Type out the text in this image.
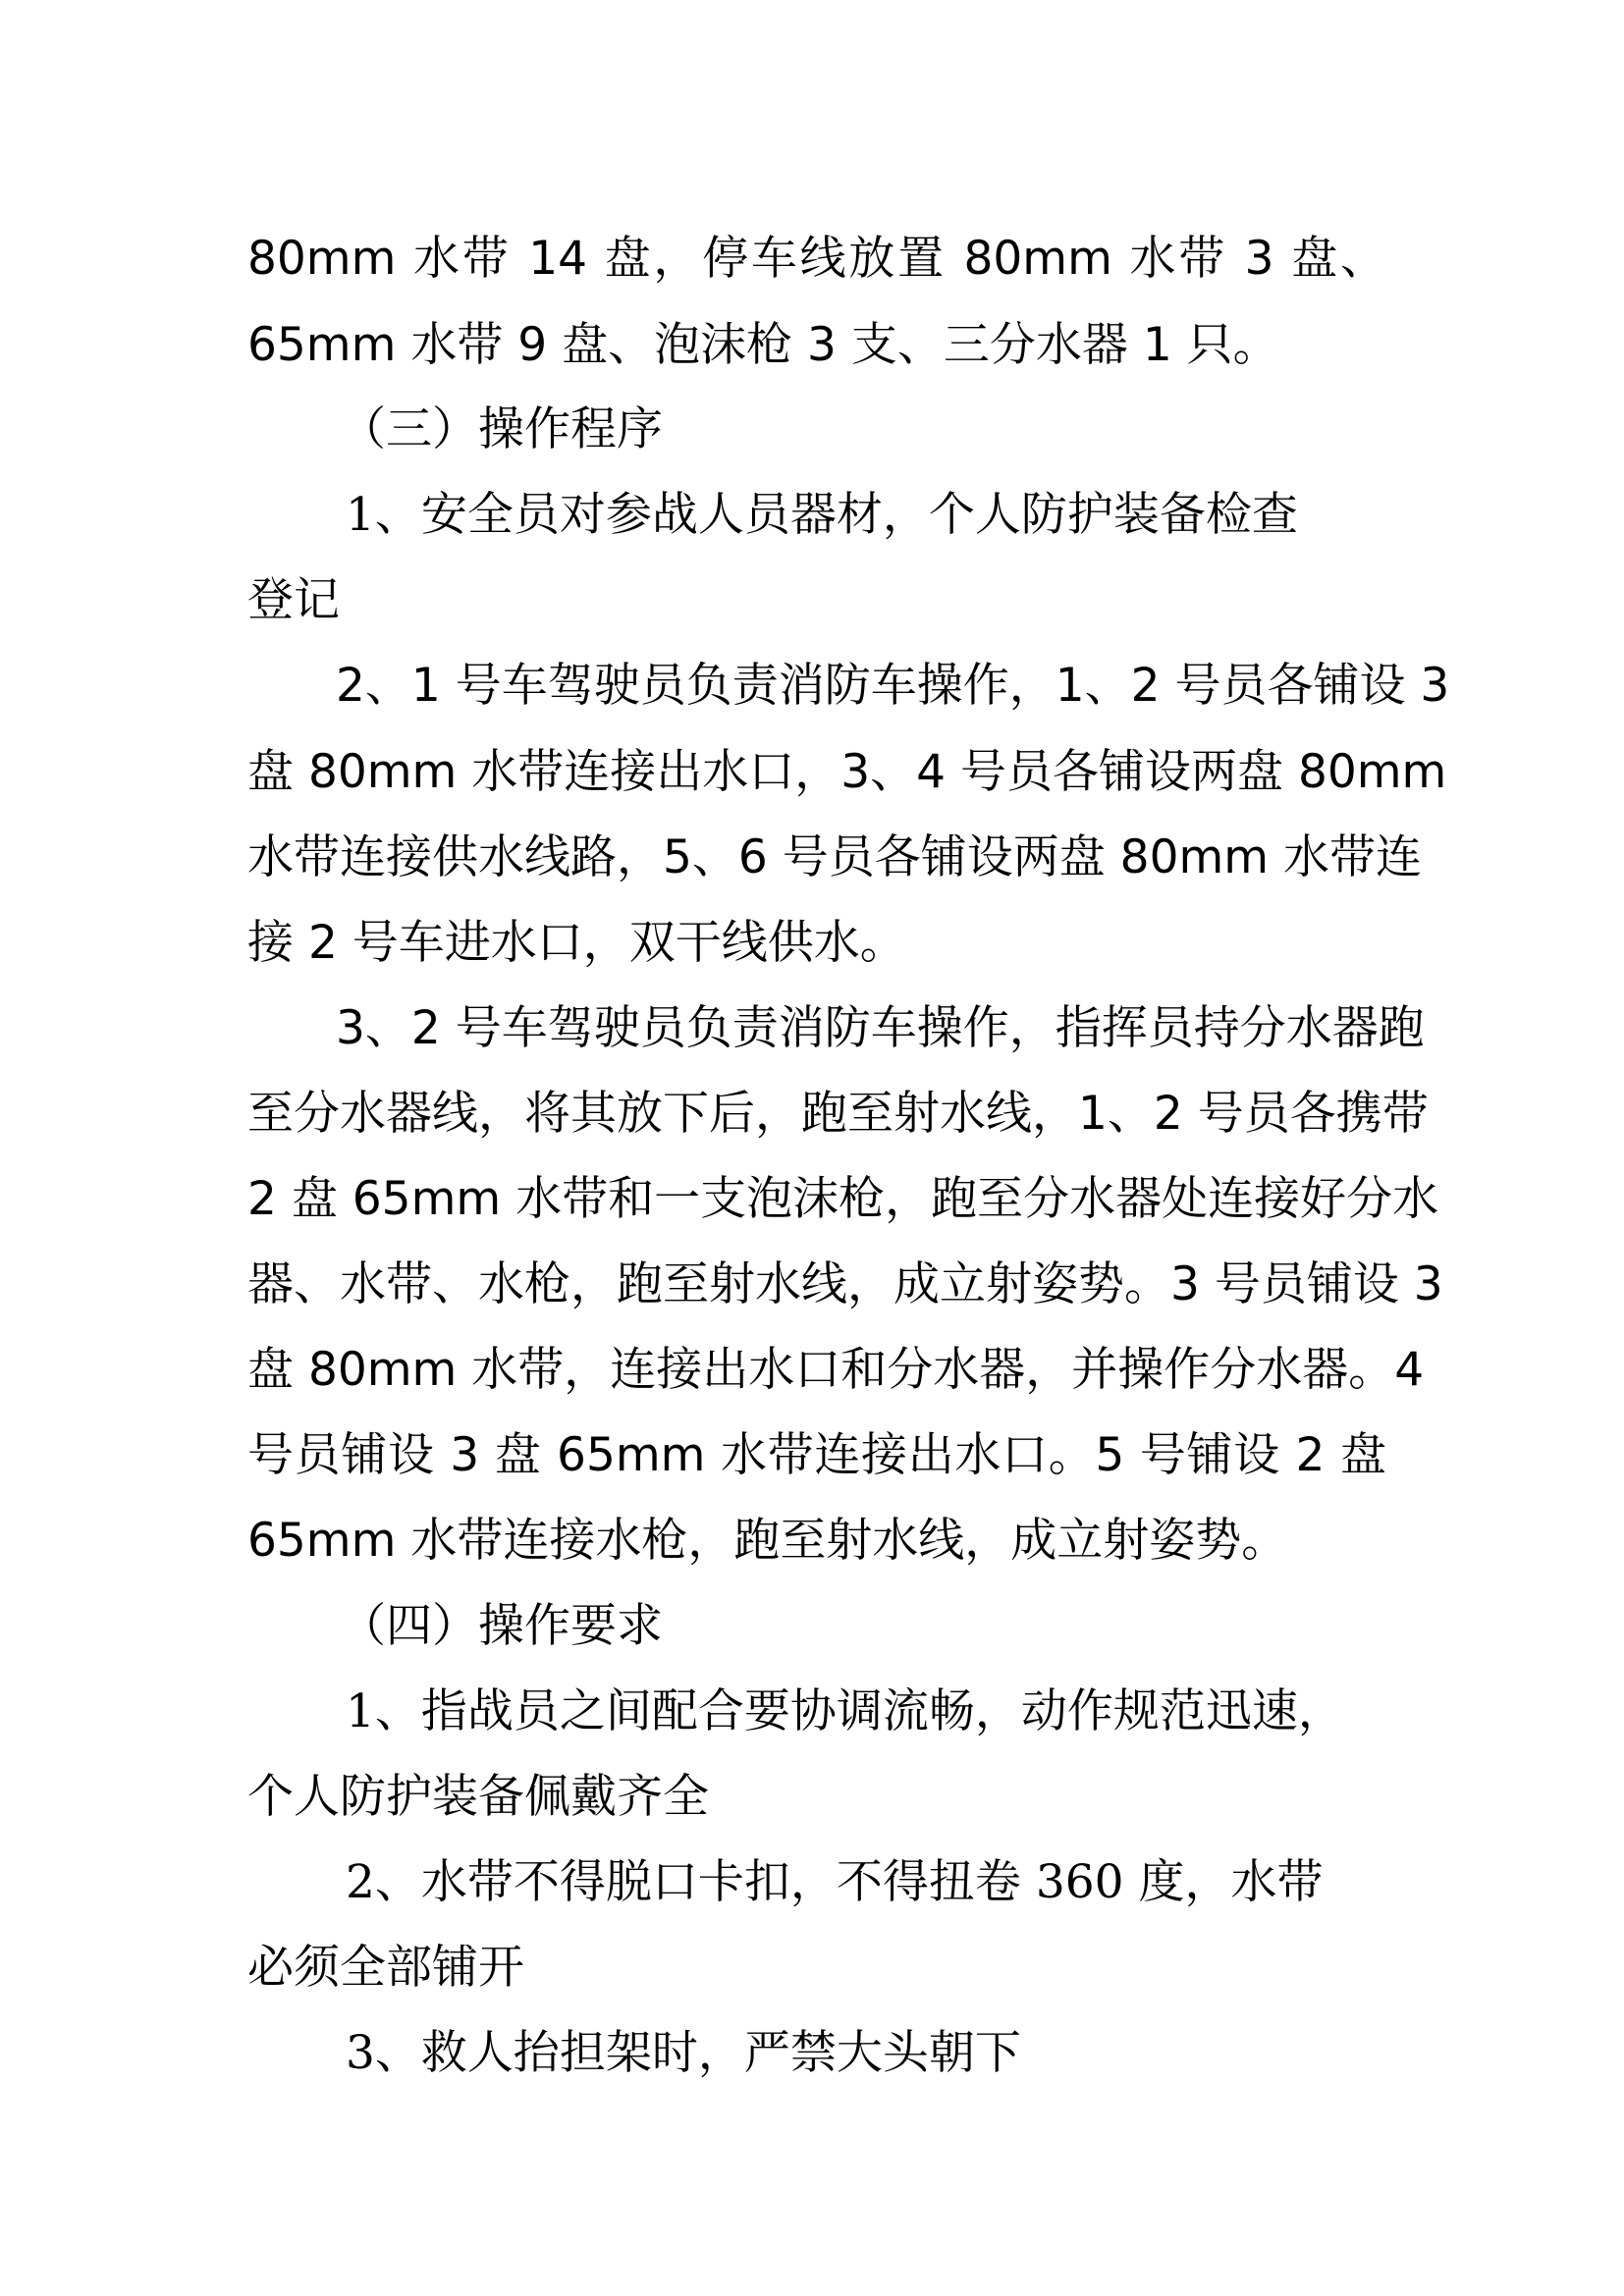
80mm 水带 14 盘，停车线放置 80mm 水带 3 盘、
65mm 水带 9 盘、泡沫枪 3 支、三分水器 1 只。
（三）操作程序
1、安全员对参战人员器材，个人防护装备检查
登记
2、1 号车驾驶员负责消防车操作，1、2 号员各铺设 3
盘 80mm 水带连接出水口，3、4 号员各铺设两盘 80mm
水带连接供水线路，5、6 号员各铺设两盘 80mm 水带连
接 2 号车进水口，双干线供水。
3、2 号车驾驶员负责消防车操作，指挥员持分水器跑
至分水器线，将其放下后，跑至射水线，1、2 号员各携带
2 盘 65mm 水带和一支泡沫枪，跑至分水器处连接好分水
器、水带、水枪，跑至射水线，成立射姿势。3 号员铺设 3
盘 80mm 水带，连接出水口和分水器，并操作分水器。4
号员铺设 3 盘 65mm 水带连接出水口。5 号铺设 2 盘
65mm 水带连接水枪，跑至射水线，成立射姿势。
（四）操作要求
1、指战员之间配合要协调流畅，动作规范迅速，
个人防护装备佩戴齐全
2、水带不得脱口卡扣，不得扭卷 360 度，水带
必须全部铺开
3、救人抬担架时，严禁大头朝下
